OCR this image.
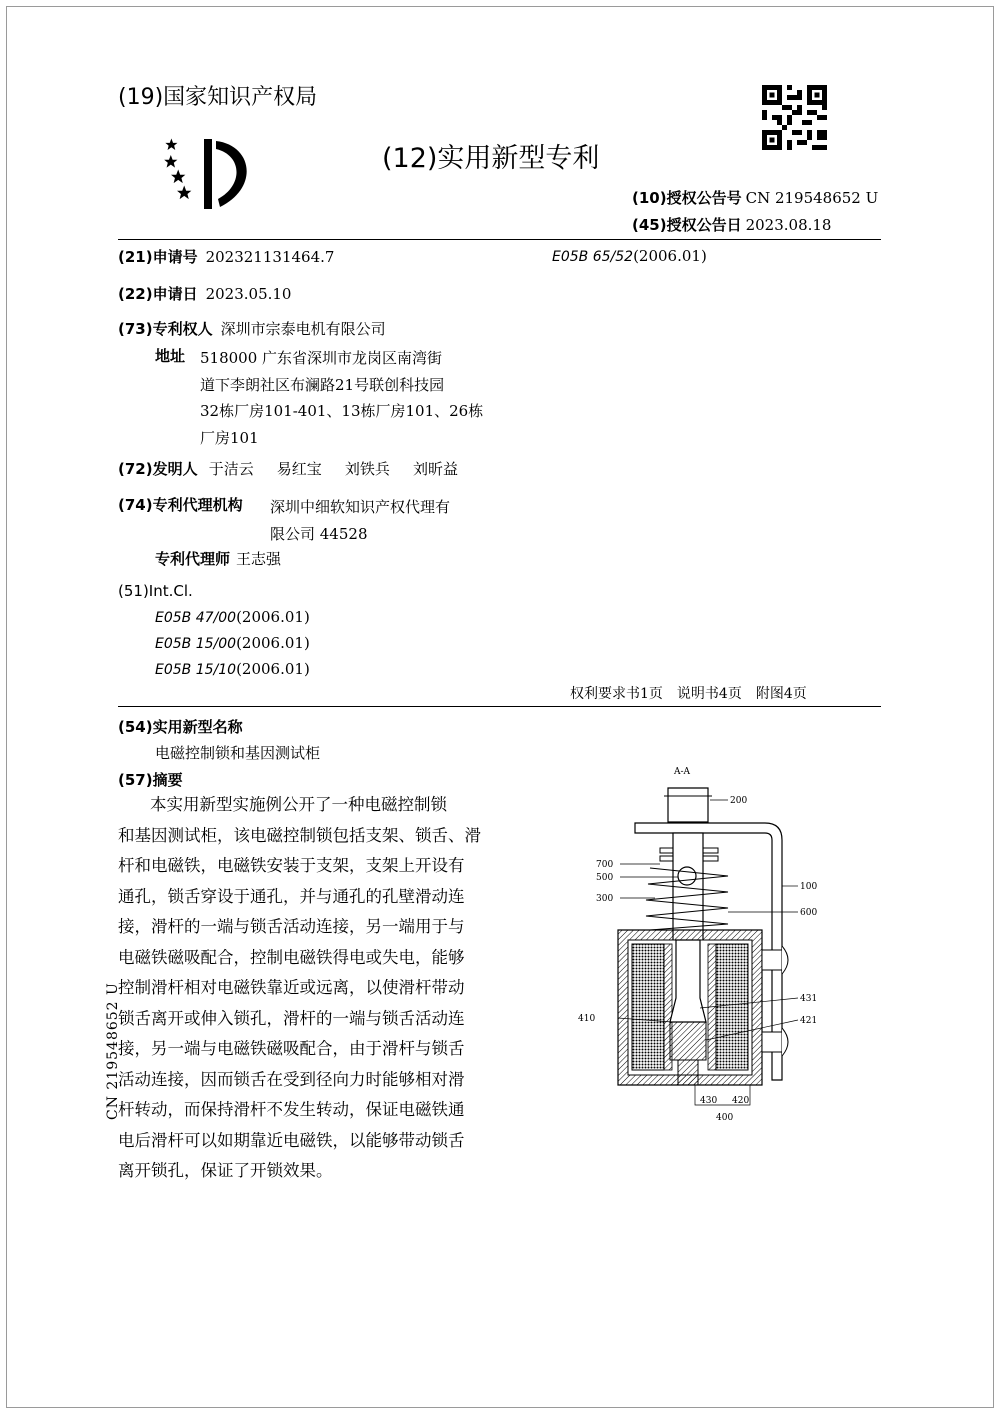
(19)国家知识产权局
(12)实用新型专利
(10)授权公告号 CN 219548652 U
(45)授权公告日 2023.08.18
(21)申请号 202321131464.7	E05B 65/52(2006.01)
(22)申请日 2023.05.10
(73)专利权人 深圳市宗泰电机有限公司
地址 518000 广东省深圳市龙岗区南湾街
道下李朗社区布澜路21号联创科技园
32栋厂房101-401、13栋厂房101、26栋
厂房101
(72)发明人 于洁云 易红宝 刘铁兵 刘昕益
(74)专利代理机构 深圳中细软知识产权代理有
限公司 44528
专利代理师 王志强
(51)Int.Cl.
E05B 47/00(2006.01)
E05B 15/00(2006.01)
E05B 15/10(2006.01)
权利要求书1页　说明书4页　附图4页
(54)实用新型名称
电磁控制锁和基因测试柜
(57)摘要
本实用新型实施例公开了一种电磁控制锁
和基因测试柜，该电磁控制锁包括支架、锁舌、滑
杆和电磁铁，电磁铁安装于支架，支架上开设有
通孔，锁舌穿设于通孔，并与通孔的孔壁滑动连
接，滑杆的一端与锁舌活动连接，另一端用于与
电磁铁磁吸配合，控制电磁铁得电或失电，能够
控制滑杆相对电磁铁靠近或远离，以使滑杆带动
锁舌离开或伸入锁孔，滑杆的一端与锁舌活动连
接，另一端与电磁铁磁吸配合，由于滑杆与锁舌
活动连接，因而锁舌在受到径向力时能够相对滑
杆转动，而保持滑杆不发生转动，保证电磁铁通
电后滑杆可以如期靠近电磁铁，以能够带动锁舌
离开锁孔，保证了开锁效果。
A-A
200
700
500
300
100
600
431
410	421
430 420
400
CN 219548652 U
